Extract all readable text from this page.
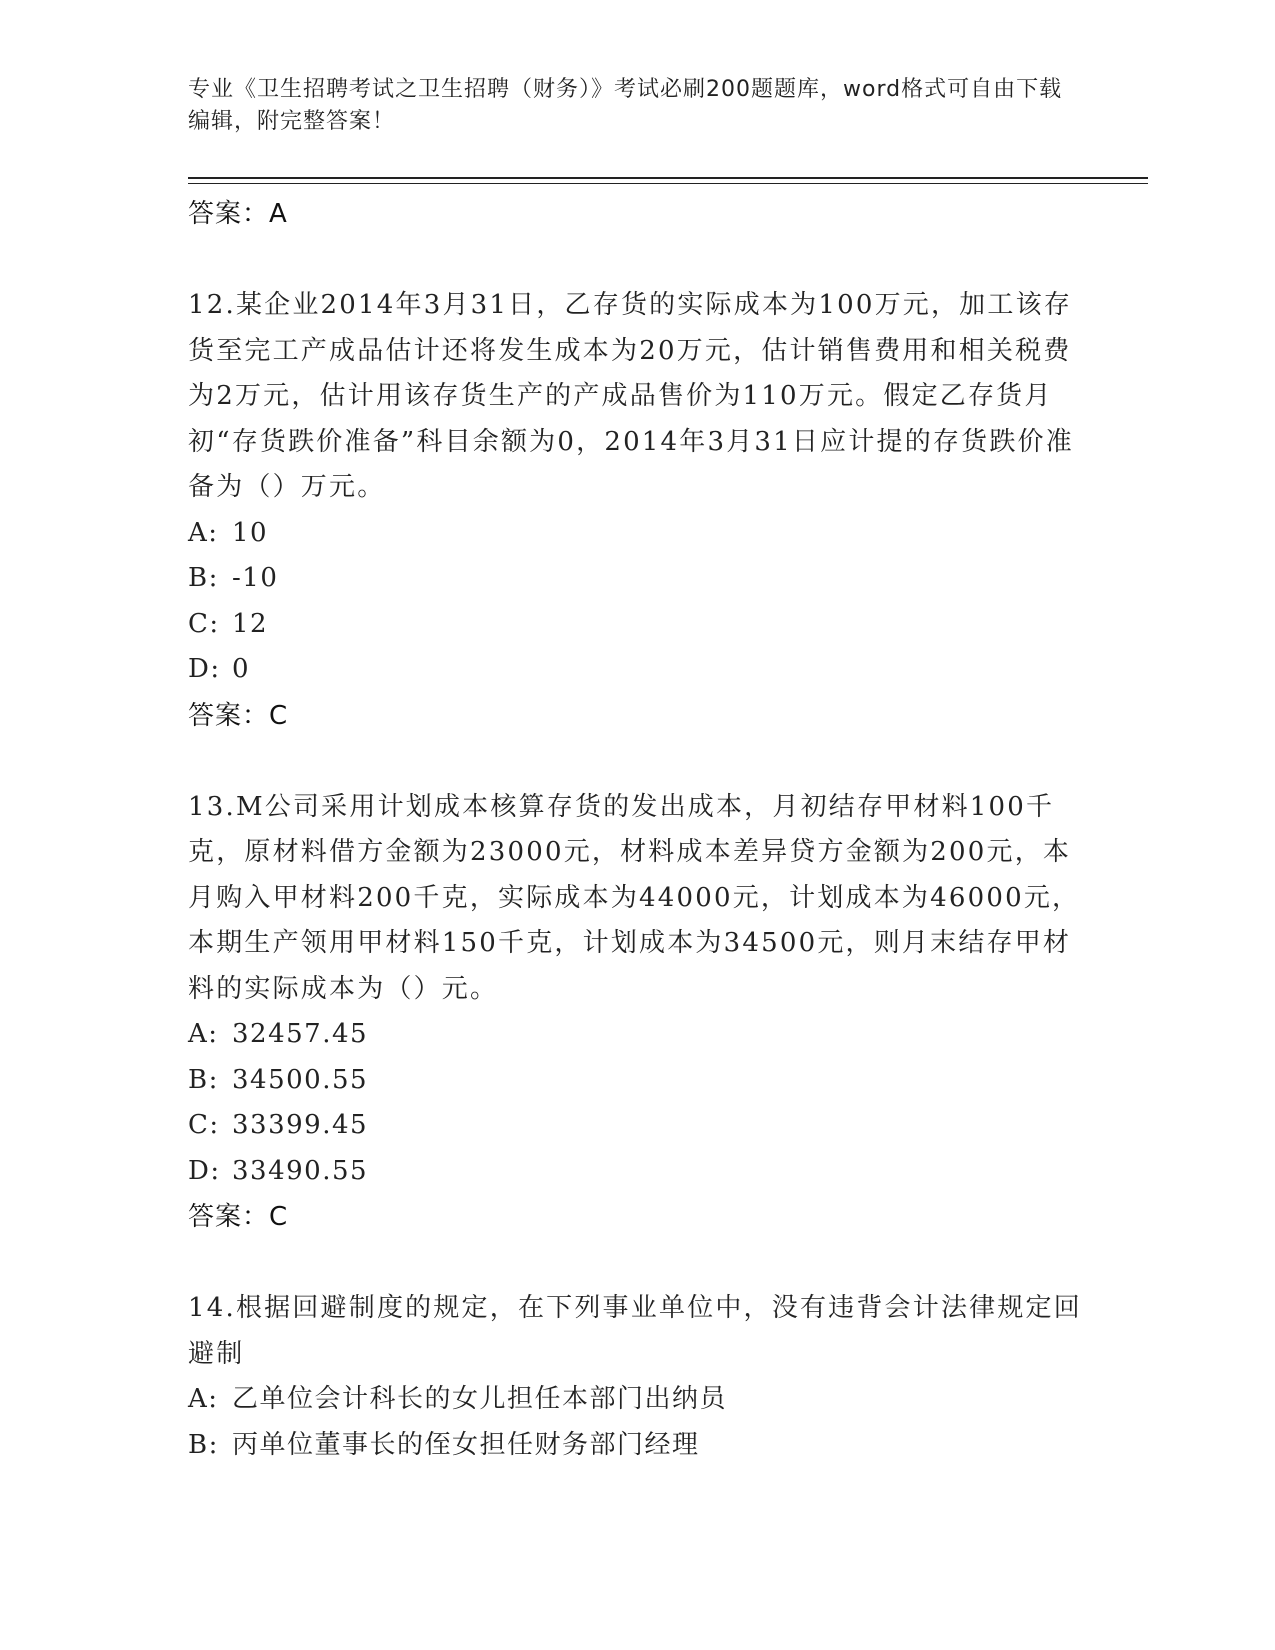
专业《卫生招聘考试之卫生招聘（财务）》考试必刷200题题库，word格式可自由下载编辑，附完整答案！
答案：A
12.某企业2014年3月31日，乙存货的实际成本为100万元，加工该存货至完工产成品估计还将发生成本为20万元，估计销售费用和相关税费为2万元，估计用该存货生产的产成品售价为110万元。假定乙存货月初“存货跌价准备”科目余额为0，2014年3月31日应计提的存货跌价准备为（）万元。
A: 10
B: -10
C: 12
D: 0
答案：C
13.M公司采用计划成本核算存货的发出成本，月初结存甲材料100千克，原材料借方金额为23000元，材料成本差异贷方金额为200元，本月购入甲材料200千克，实际成本为44000元，计划成本为46000元，本期生产领用甲材料150千克，计划成本为34500元，则月末结存甲材料的实际成本为（）元。
A: 32457.45
B: 34500.55
C: 33399.45
D: 33490.55
答案：C
14.根据回避制度的规定，在下列事业单位中，没有违背会计法律规定回避制
A: 乙单位会计科长的女儿担任本部门出纳员
B: 丙单位董事长的侄女担任财务部门经理
